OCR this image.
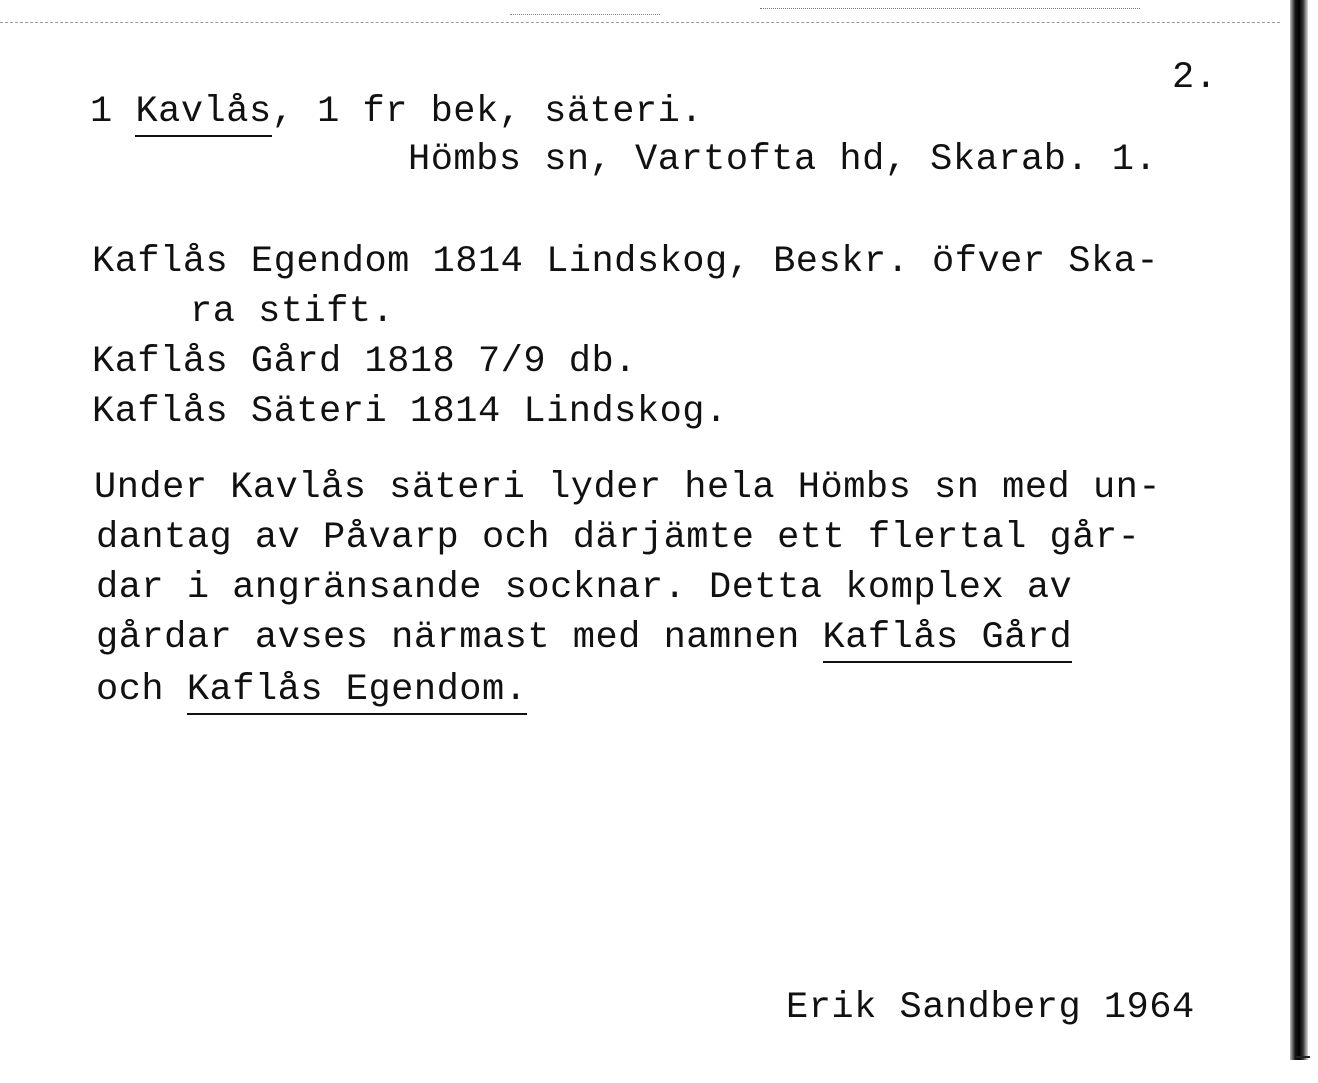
2.
1 Kavlås, 1 fr bek, säteri.
Hömbs sn, Vartofta hd, Skarab. 1.
Kaflås Egendom 1814 Lindskog, Beskr. öfver Ska-
ra stift.
Kaflås Gård 1818 7/9 db.
Kaflås Säteri 1814 Lindskog.
Under Kavlås säteri lyder hela Hömbs sn med un-
dantag av Påvarp och därjämte ett flertal går-
dar i angränsande socknar. Detta komplex av
gårdar avses närmast med namnen Kaflås Gård
och Kaflås Egendom.
Erik Sandberg 1964
